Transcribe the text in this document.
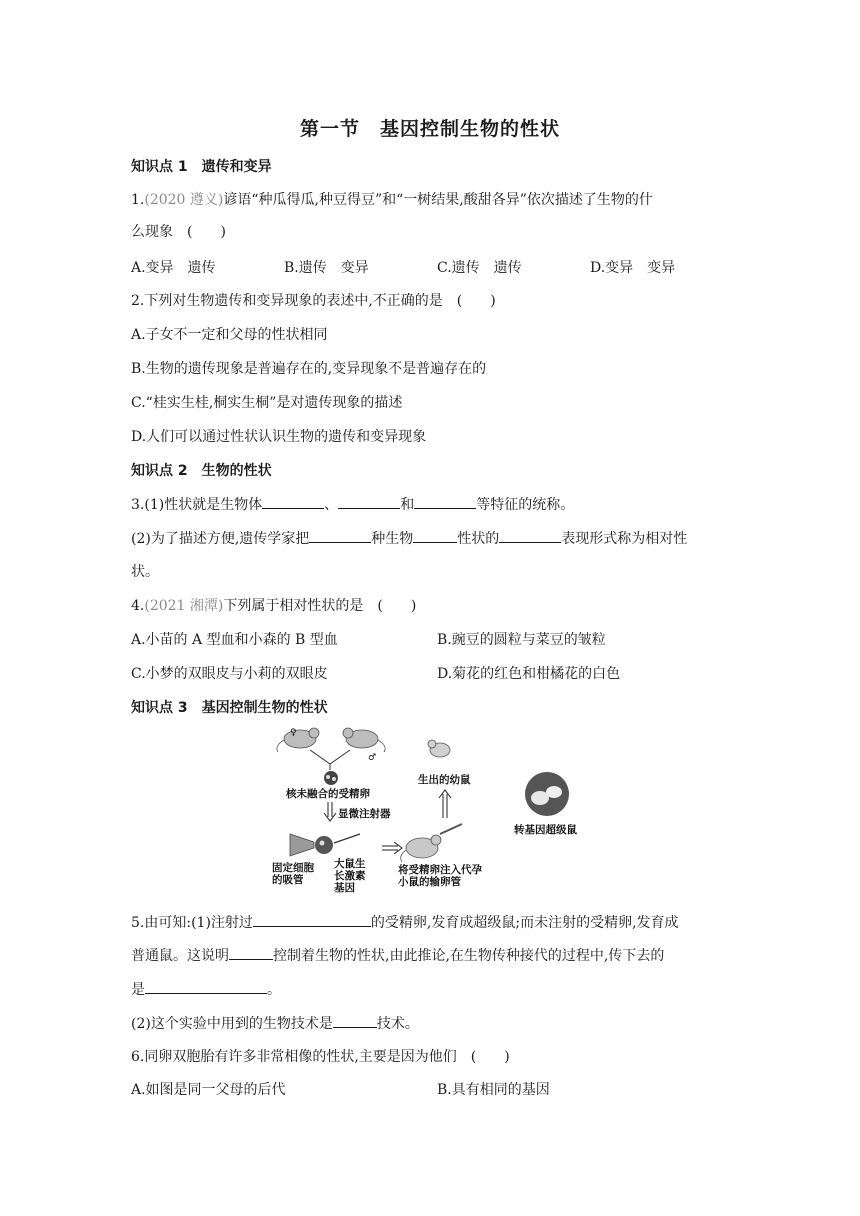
第一节　基因控制生物的性状
知识点 1　遗传和变异
1.(2020 遵义)谚语“种瓜得瓜,种豆得豆”和“一树结果,酸甜各异”依次描述了生物的什
么现象　(　　)
A.变异　遗传	B.遗传　变异	C.遗传　遗传	D.变异　变异
2.下列对生物遗传和变异现象的表述中,不正确的是　(　　)
A.子女不一定和父母的性状相同
B.生物的遗传现象是普遍存在的,变异现象不是普遍存在的
C.“桂实生桂,桐实生桐”是对遗传现象的描述
D.人们可以通过性状认识生物的遗传和变异现象
知识点 2　生物的性状
3.(1)性状就是生物体	、	和	等特征的统称。
(2)为了描述方便,遗传学家把	种生物	性状的	表现形式称为相对性
状。
4.(2021 湘潭)下列属于相对性状的是　(　　)
A.小苗的 A 型血和小森的 B 型血	B.豌豆的圆粒与菜豆的皱粒
C.小梦的双眼皮与小莉的双眼皮	D.菊花的红色和柑橘花的白色
知识点 3　基因控制生物的性状
♀
♂
核未融合的受精卵
显微注射器
固定细胞
的吸管
大鼠生
长激素
基因
将受精卵注入代孕
小鼠的输卵管
生出的幼鼠
转基因超级鼠
5.由可知:(1)注射过	的受精卵,发育成超级鼠;而未注射的受精卵,发育成
普通鼠。这说明	控制着生物的性状,由此推论,在生物传种接代的过程中,传下去的
是	。
(2)这个实验中用到的生物技术是	技术。
6.同卵双胞胎有许多非常相像的性状,主要是因为他们　(　　)
A.如图是同一父母的后代	B.具有相同的基因
